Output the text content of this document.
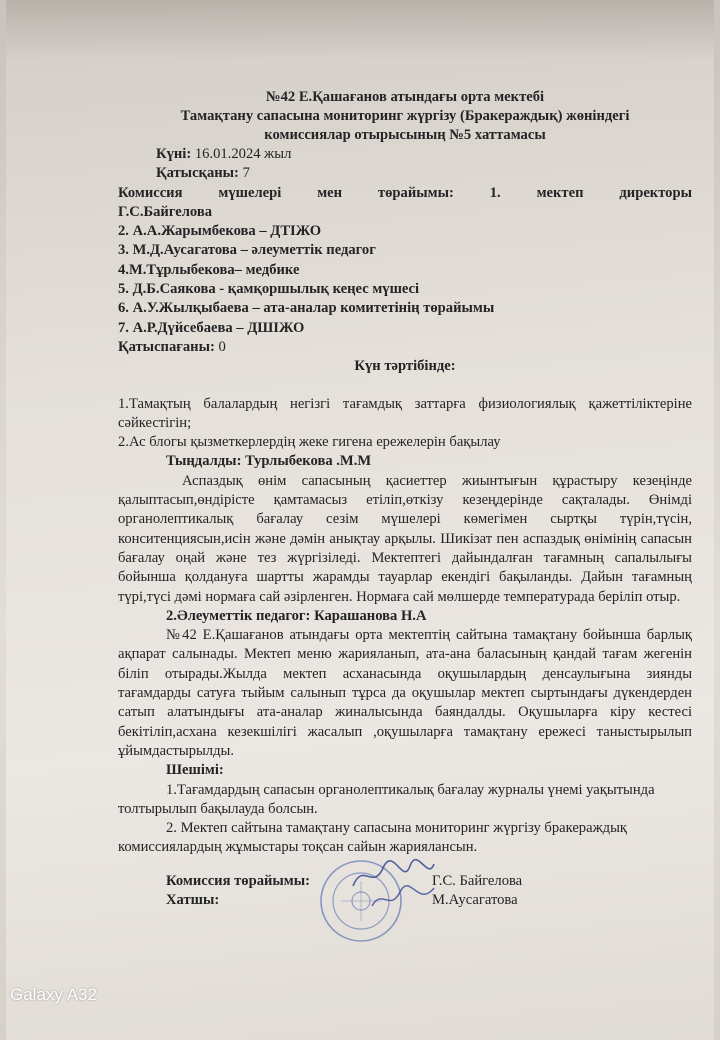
№42 Е.Қашағанов атындағы орта мектебі
Тамақтану сапасына мониторинг жүргізу (Бракераждық) жөніндегі
комиссиялар отырысының №5 хаттамасы
Күні: 16.01.2024 жыл
Қатысқаны: 7
Комиссия мүшелері мен төрайымы: 1. мектеп директоры
Г.С.Байгелова
2. А.А.Жарымбекова – ДТІЖО
3. М.Д.Аусагатова – әлеуметтік педагог
4.М.Тұрлыбекова– медбике
5. Д.Б.Саякова - қамқоршылық кеңес мүшесі
6. А.У.Жылқыбаева – ата-аналар комитетінің төрайымы
7. А.Р.Дүйсебаева – ДШІЖО
Қатыспағаны: 0
Күн тәртібінде:
1.Тамақтың балалардың негізгі тағамдық заттарға физиологиялық қажеттіліктеріне сәйкестігін;
2.Ас блогы қызметкерлердің жеке гигена ережелерін бақылау
Тыңдалды: Турлыбекова .М.М
Аспаздық өнім сапасының қасиеттер жиынтығын құрастыру кезеңінде қалыптасып,өндірісте қамтамасыз етіліп,өткізу кезеңдерінде сақталады. Өнімді органолептикалық бағалау сезім мүшелері көмегімен сыртқы түрін,түсін, конситенциясын,исін және дәмін анықтау арқылы. Шикізат пен аспаздық өнімінің сапасын бағалау оңай және тез жүргізіледі. Мектептегі дайындалған тағамның сапалылығы бойынша қолдануға шартты жарамды тауарлар екендігі бақыланды. Дайын тағамның түрі,түсі дәмі нормаға сай әзірленген. Нормаға сай мөлшерде температурада беріліп отыр.
2.Әлеуметтік педагог: Карашанова Н.А
№42 Е.Қашағанов атындағы орта мектептің сайтына тамақтану бойынша барлық ақпарат салынады. Мектеп меню жарияланып, ата-ана баласының қандай тағам жегенін біліп отырады.Жылда мектеп асханасында оқушылардың денсаулығына зиянды тағамдарды сатуға тыйым салынып тұрса да оқушылар мектеп сыртындағы дүкендерден сатып алатындығы ата-аналар жиналысында баяндалды. Оқушыларға кіру кестесі бекітіліп,асхана кезекшілігі жасалып ,оқушыларға тамақтану ережесі таныстырылып ұйымдастырылды.
Шешімі:
1.Тағамдардың сапасын органолептикалық бағалау журналы үнемі уақытында толтырылып бақылауда болсын.
2. Мектеп сайтына тамақтану сапасына мониторинг жүргізу бракераждық комиссиялардың жұмыстары тоқсан сайын жариялансын.
Комиссия төрайымы:
Хатшы:
Г.С. Байгелова
М.Аусагатова
Galaxy A32
